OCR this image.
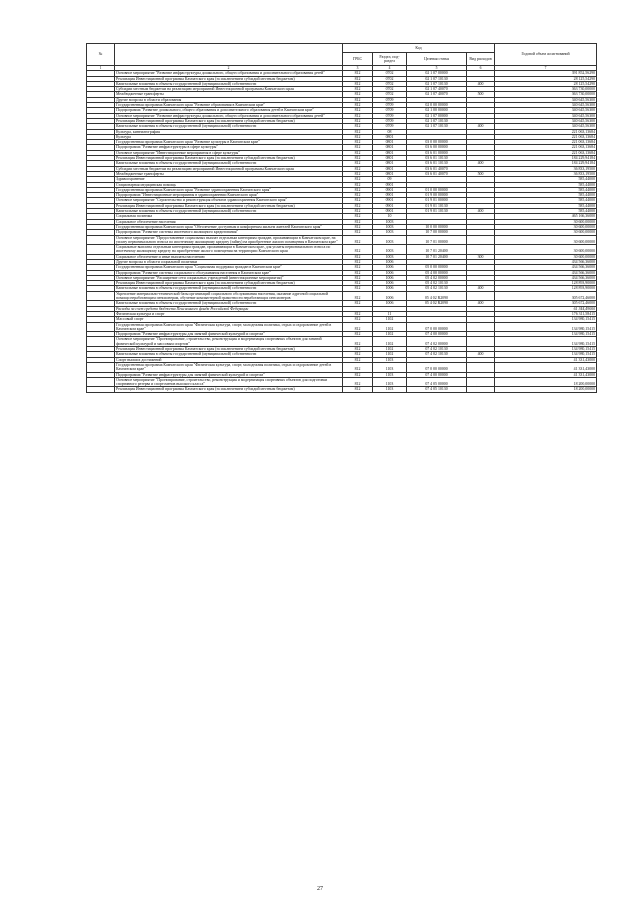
№		Код				Годовой объем ассигнований
		ГРБС	Раздел, под- раздел	Целевая статья	Вид расходов	
1	2	3	4	5	6	7
	Основное мероприятие "Развитие инфраструктуры дошкольного, общего образования и дополнительного образования детей"	812	0702	02 1 07 00000		391 852,56290
	Реализация Инвестиционной программы Камчатского края (за исключением субсидий местным бюджетам)	812	0702	02 1 07 10130		28 125,54290
	Капитальные вложения в объекты государственной (муниципальной) собственности	812	0702	02 1 07 10130	400	28 125,54290
	Субсидии местным бюджетам на реализацию мероприятий Инвестиционной программы Камчатского края	812	0702	02 1 07 40070		363 730,00000
	Межбюджетные трансферты	812	0702	02 1 07 40070	500	363 730,00000
	Другие вопросы в области образования	812	0709			340 645,56300
	Государственная программа Камчатского края "Развитие образования в Камчатском крае"	812	0709	02 0 00 00000		340 645,56300
	Подпрограмма "Развитие дошкольного, общего образования и дополнительного образования детей в Камчатском крае"	812	0709	02 1 00 00000		340 645,56300
	Основное мероприятие "Развитие инфраструктуры дошкольного, общего образования и дополнительного образования детей"	812	0709	02 1 07 00000		340 645,56300
	Реализация Инвестиционной программы Камчатского края (за исключением субсидий местным бюджетам)	812	0709	02 1 07 10130		340 645,56300
	Капитальные вложения в объекты государственной (муниципальной) собственности	812	0709	02 1 07 10130	400	340 645,56300
	Культура, кинематография	812	08			221 063,13684
	Культура	812	0801			221 063,13684
	Государственная программа Камчатского края "Развитие культуры в Камчатском крае"	812	0801	03 0 00 00000		221 063,13684
	Подпрограмма "Развитие инфраструктуры в сфере культуры"	812	0801	03 6 00 00000		221 063,13684
	Основное мероприятие "Инвестиционные мероприятия в сфере культуры"	812	0801	03 6 01 00000		221 063,13684
	Реализация Инвестиционной программы Камчатского края (за исключением субсидий местным бюджетам)	812	0801	03 6 01 10130		184 229,94184
	Капитальные вложения в объекты государственной (муниципальной) собственности	812	0801	03 6 01 10130	400	184 229,94184
	Субсидии местным бюджетам на реализацию мероприятий Инвестиционной программы Камчатского края	812	0801	03 6 01 40070		36 833,19500
	Межбюджетные трансферты	812	0801	03 6 01 40070	500	36 833,19500
	Здравоохранение	812	09			585,44000
	Стационарная медицинская помощь	812	0901			585,44000
	Государственная программа Камчатского края "Развитие здравоохранения Камчатского края"	812	0901	01 0 00 00000		585,44000
	Подпрограмма "Инвестиционные мероприятия в здравоохранении Камчатского края"	812	0901	01 9 00 00000		585,44000
	Основное мероприятие "Строительство и реконструкция объектов здравоохранения Камчатского края"	812	0901	01 9 01 00000		585,44000
	Реализация Инвестиционной программы Камчатского края (за исключением субсидий местным бюджетам)	812	0901	01 9 01 10130		585,44000
	Капитальные вложения в объекты государственной (муниципальной) собственности	812	0901	01 9 01 10130	400	585,44000
	Социальная политика	812	10			465 166,36000
	Социальное обеспечение населения	812	1003			30 600,00000
	Государственная программа Камчатского края "Обеспечение доступным и комфортным жильем жителей Камчатского края"	812	1003	10 0 00 00000		30 600,00000
	Подпрограмма "Развитие системы ипотечного жилищного кредитования"	812	1003	10 7 00 00000		30 600,00000
	Основное мероприятие "Предоставление социальных выплат отдельным категориям граждан, проживающим в Камчатском крае, на уплату первоначального взноса по ипотечному жилищному кредиту (займу) на приобретение жилого помещения в Камчатском крае"	812	1003	10 7 01 00000		30 600,00000
	Социальные выплаты отдельным категориям граждан, проживающим в Камчатском крае, для уплаты первоначального взноса по ипотечному жилищному кредиту на приобретение жилого помещения на территории Камчатского края	812	1003	10 7 01 20400		30 600,00000
	Социальное обеспечение и иные выплаты населению	812	1003	10 7 01 20400	300	30 600,00000
	Другие вопросы в области социальной политики	812	1006			434 566,36000
	Государственная программа Камчатского края "Социальная поддержка граждан в Камчатском крае"	812	1006	05 0 00 00000		434 566,36000
	Подпрограмма "Развитие системы социального обслуживания населения в Камчатском крае"	812	1006	05 4 00 00000		434 566,36000
	Основное мероприятие "Расширение сети социальных учреждений (инвестиционные мероприятия)"	812	1006	05 4 02 00000		434 566,36000
	Реализация Инвестиционной программы Камчатского края (за исключением субсидий местным бюджетам)	812	1006	05 4 02 10130		128 893,90000
	Капитальные вложения в объекты государственной (муниципальной) собственности	812	1006	05 4 02 10130	400	128 893,90000
	Укрепление материально-технической базы организаций социального обслуживания населения, оказание адресной социальной помощи неработающим пенсионерам, обучение компьютерной грамотности неработающих пенсионеров	812	1006	05 4 02 R2090		305 672,46000
	Капитальные вложения в объекты государственной (муниципальной) собственности	812	1006	05 4 02 R2090	400	305 672,46000
	Расходы за счет средств бюджета Пенсионного фонда Российской Федерации					61 344,49000
	Физическая культура и спорт	812	11			176 311,58415
	Массовый спорт	812	1102			134 980,15415
	Государственная программа Камчатского края "Физическая культура, спорт, молодежная политика, отдых и оздоровление детей в Камчатском крае"	812	1102	07 0 00 00000		134 980,15415
	Подпрограмма "Развитие инфраструктуры для занятий физической культурой и спортом"	812	1102	07 4 00 00000		134 980,15415
	Основное мероприятие "Проектирование, строительство, реконструкция и модернизация спортивных объектов для занятий физической культурой и массовым спортом"	812	1102	07 4 02 00000		134 980,15415
	Реализация Инвестиционной программы Камчатского края (за исключением субсидий местным бюджетам)	812	1102	07 4 02 10130		134 980,15415
	Капитальные вложения в объекты государственной (муниципальной) собственности	812	1102	07 4 02 10130	400	134 980,15415
	Спорт высших достижений	812	1103			41 331,43000
	Государственная программа Камчатского края "Физическая культура, спорт, молодежная политика, отдых и оздоровление детей в Камчатском крае"	812	1103	07 0 00 00000		41 331,43000
	Подпрограмма "Развитие инфраструктуры для занятий физической культурой и спортом"	812	1103	07 4 00 00000		41 331,43000
	Основное мероприятие "Проектирование, строительство, реконструкция и модернизация спортивных объектов для подготовки спортивного резерва и спортсменов высокого класса"	812	1103	07 4 05 00000		18 200,00000
	Реализация Инвестиционной программы Камчатского края (за исключением субсидий местным бюджетам)	812	1103	07 4 05 10130		18 200,00000
27
